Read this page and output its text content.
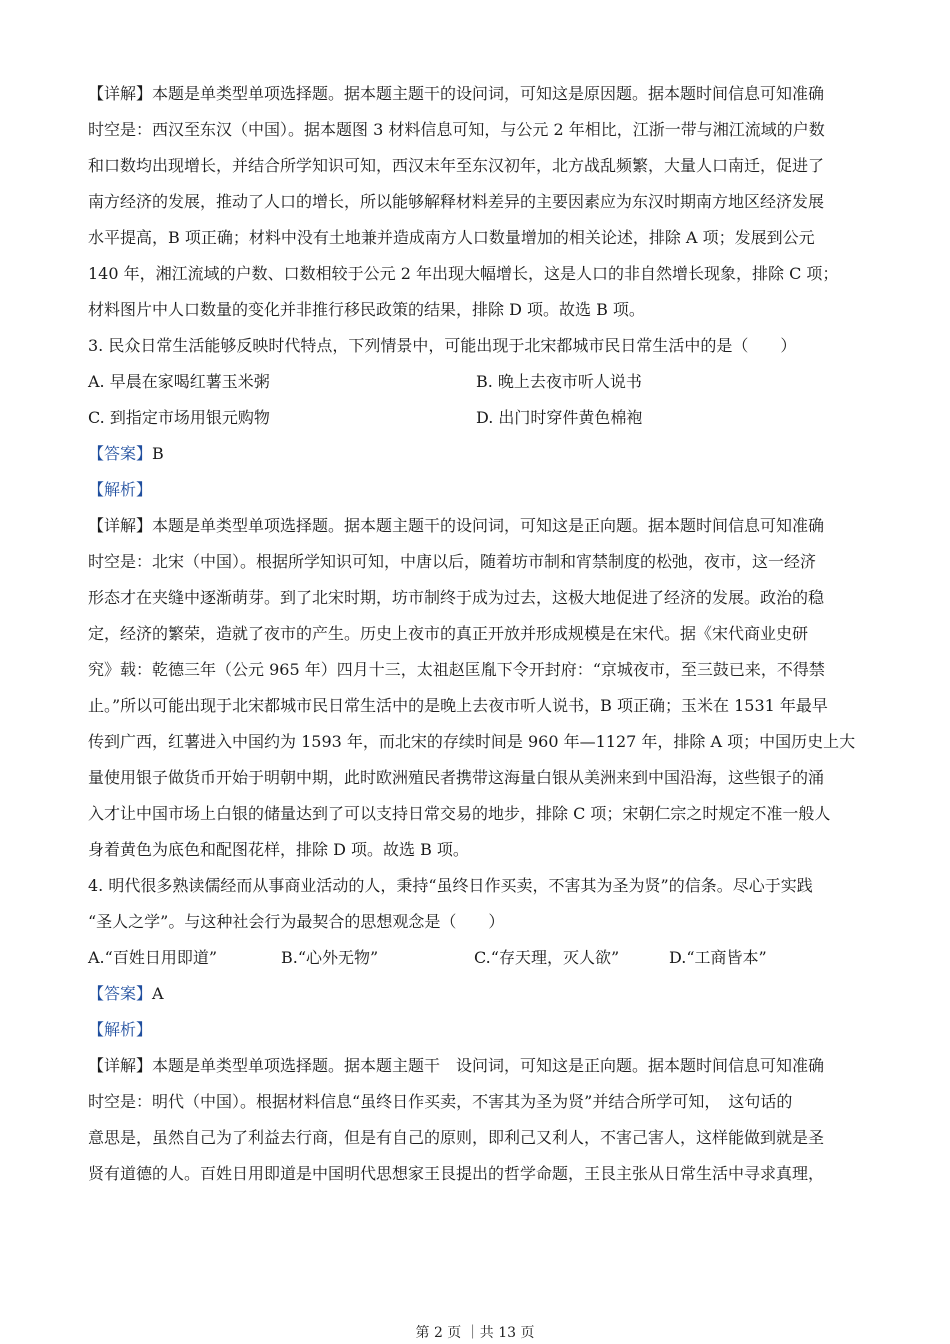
【详解】本题是单类型单项选择题。据本题主题干的设问词，可知这是原因题。据本题时间信息可知准确

时空是：西汉至东汉（中国）。据本题图 3 材料信息可知，与公元 2 年相比，江浙一带与湘江流域的户数

和口数均出现增长，并结合所学知识可知，西汉末年至东汉初年，北方战乱频繁，大量人口南迁，促进了

南方经济的发展，推动了人口的增长，所以能够解释材料差异的主要因素应为东汉时期南方地区经济发展

水平提高，B 项正确；材料中没有土地兼并造成南方人口数量增加的相关论述，排除 A 项；发展到公元

140 年，湘江流域的户数、口数相较于公元 2 年出现大幅增长，这是人口的非自然增长现象，排除 C 项；

材料图片中人口数量的变化并非推行移民政策的结果，排除 D 项。故选 B 项。

3. 民众日常生活能够反映时代特点，下列情景中，可能出现于北宋都城市民日常生活中的是（　　）

A. 早晨在家喝红薯玉米粥	B. 晚上去夜市听人说书
C. 到指定市场用银元购物	D. 出门时穿件黄色棉袍

【答案】B

【解析】

【详解】本题是单类型单项选择题。据本题主题干的设问词，可知这是正向题。据本题时间信息可知准确

时空是：北宋（中国）。根据所学知识可知，中唐以后，随着坊市制和宵禁制度的松弛，夜市，这一经济

形态才在夹缝中逐渐萌芽。到了北宋时期，坊市制终于成为过去，这极大地促进了经济的发展。政治的稳

定，经济的繁荣，造就了夜市的产生。历史上夜市的真正开放并形成规模是在宋代。据《宋代商业史研

究》载：乾德三年（公元 965 年）四月十三，太祖赵匡胤下令开封府：“京城夜市，至三鼓已来，不得禁

止。”所以可能出现于北宋都城市民日常生活中的是晚上去夜市听人说书，B 项正确；玉米在 1531 年最早

传到广西，红薯进入中国约为 1593 年，而北宋的存续时间是 960 年—1127 年，排除 A 项；中国历史上大

量使用银子做货币开始于明朝中期，此时欧洲殖民者携带这海量白银从美洲来到中国沿海，这些银子的涌

入才让中国市场上白银的储量达到了可以支持日常交易的地步，排除 C 项；宋朝仁宗之时规定不准一般人

身着黄色为底色和配图花样，排除 D 项。故选 B 项。

4. 明代很多熟读儒经而从事商业活动的人，秉持“虽终日作买卖，不害其为圣为贤”的信条。尽心于实践

“圣人之学”。与这种社会行为最契合的思想观念是（　　）

A.“百姓日用即道”	B.“心外无物”	C.“存天理，灭人欲”	D.“工商皆本”

【答案】A

【解析】

【详解】本题是单类型单项选择题。据本题主题干　设问词，可知这是正向题。据本题时间信息可知准确

时空是：明代（中国）。根据材料信息“虽终日作买卖，不害其为圣为贤”并结合所学可知，　这句话的

意思是，虽然自己为了利益去行商，但是有自己的原则，即利己又利人，不害己害人，这样能做到就是圣

贤有道德的人。百姓日用即道是中国明代思想家王艮提出的哲学命题，王艮主张从日常生活中寻求真理，

第 2 页 ｜共 13 页
